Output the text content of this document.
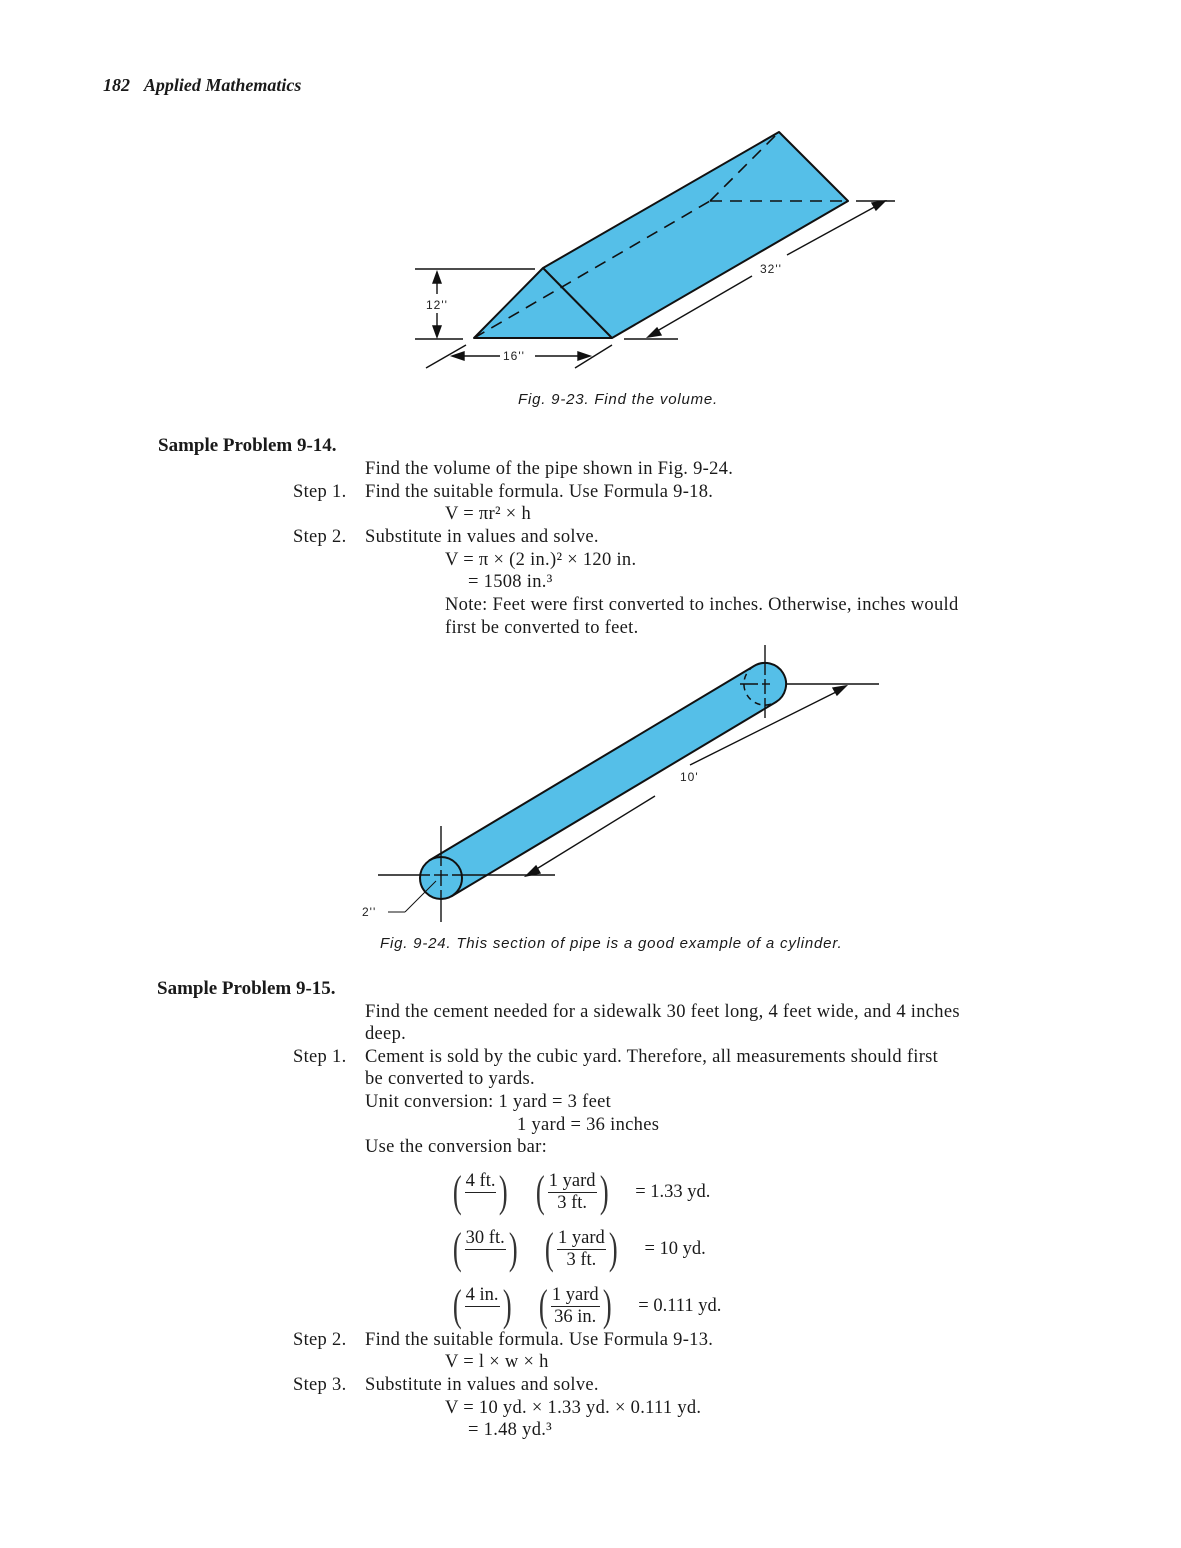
182 Applied Mathematics
12''
16''
32''
Fig. 9-23. Find the volume.
Sample Problem 9-14.
Find the volume of the pipe shown in Fig. 9-24.
Step 1. Find the suitable formula. Use Formula 9-18.
V = πr² × h
Step 2. Substitute in values and solve.
V = π × (2 in.)² × 120 in.
= 1508 in.³
Note: Feet were first converted to inches. Otherwise, inches would
first be converted to feet.
10'
2''
Fig. 9-24. This section of pipe is a good example of a cylinder.
Sample Problem 9-15.
Find the cement needed for a sidewalk 30 feet long, 4 feet wide, and 4 inches
deep.
Step 1. Cement is sold by the cubic yard. Therefore, all measurements should first
be converted to yards.
Unit conversion: 1 yard = 3 feet
1 yard = 36 inches
Use the conversion bar:
( 4 ft.
) ( 1 yard
3 ft. ) = 1.33 yd.
( 30 ft.
) ( 1 yard
3 ft. ) = 10 yd.
( 4 in.
) ( 1 yard
36 in. ) = 0.111 yd.
Step 2. Find the suitable formula. Use Formula 9-13.
V = l × w × h
Step 3. Substitute in values and solve.
V = 10 yd. × 1.33 yd. × 0.111 yd.
= 1.48 yd.³
